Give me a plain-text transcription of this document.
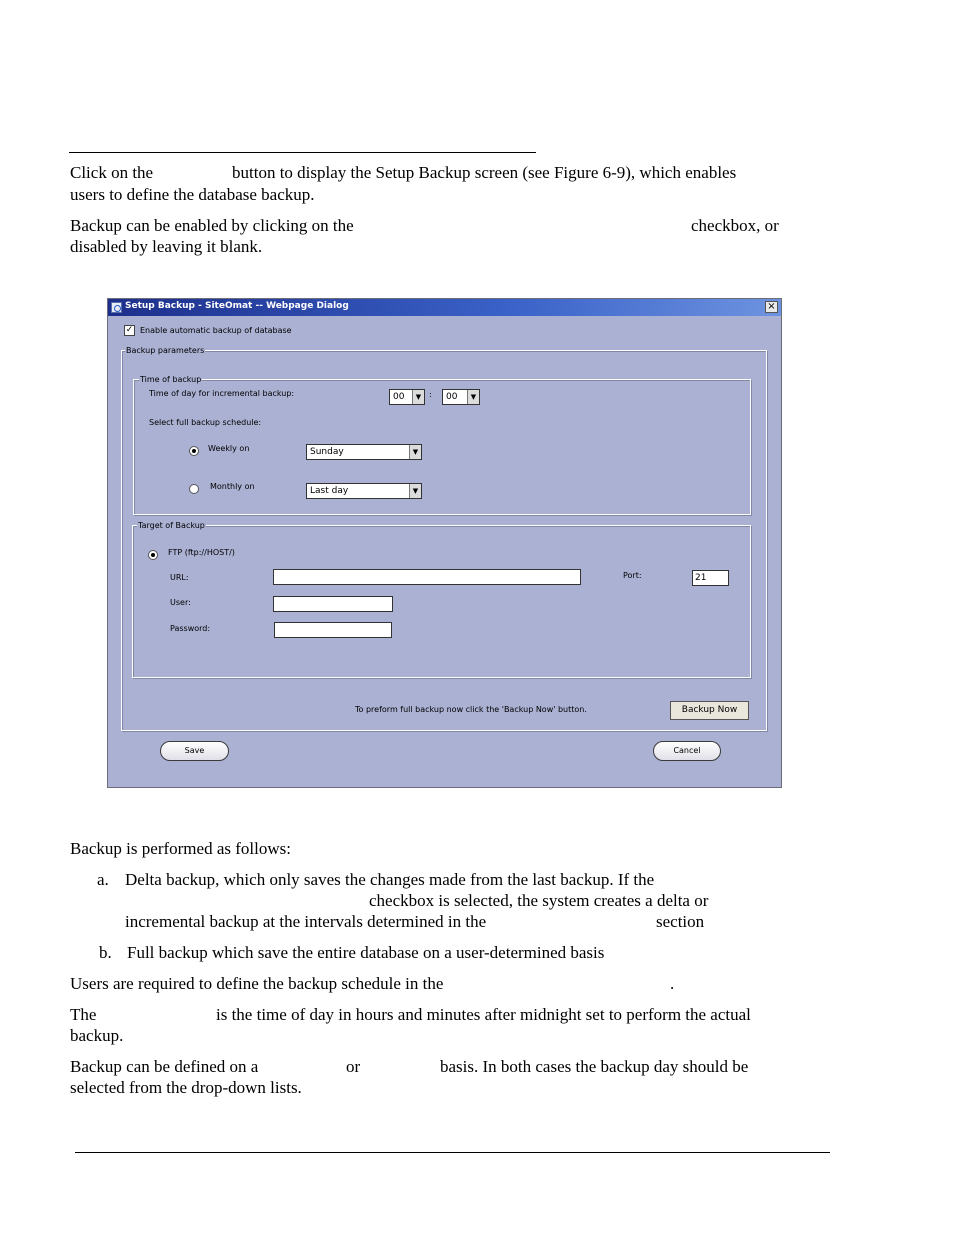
Click on the	button to display the Setup Backup screen (see Figure 6-9), which enables
users to define the database backup.
Backup can be enabled by clicking on the	checkbox, or
disabled by leaving it blank.
Setup Backup - SiteOmat -- Webpage Dialog	×
✓ Enable automatic backup of database
Backup parameters
Time of backup
Time of day for incremental backup:	00	▼ :	00	▼
Select full backup schedule:
Weekly on	Sunday	▼
Monthly on	Last day	▼
Target of Backup
FTP (ftp://HOST/)
URL:	Port:	21
User:
Password:
To preform full backup now click the 'Backup Now' button.	Backup Now
Save	Cancel
Backup is performed as follows:
a. Delta backup, which only saves the changes made from the last backup. If the
checkbox is selected, the system creates a delta or
incremental backup at the intervals determined in the	section
b. Full backup which save the entire database on a user-determined basis
Users are required to define the backup schedule in the	.
The	is the time of day in hours and minutes after midnight set to perform the actual
backup.
Backup can be defined on a	or	basis. In both cases the backup day should be
selected from the drop-down lists.
